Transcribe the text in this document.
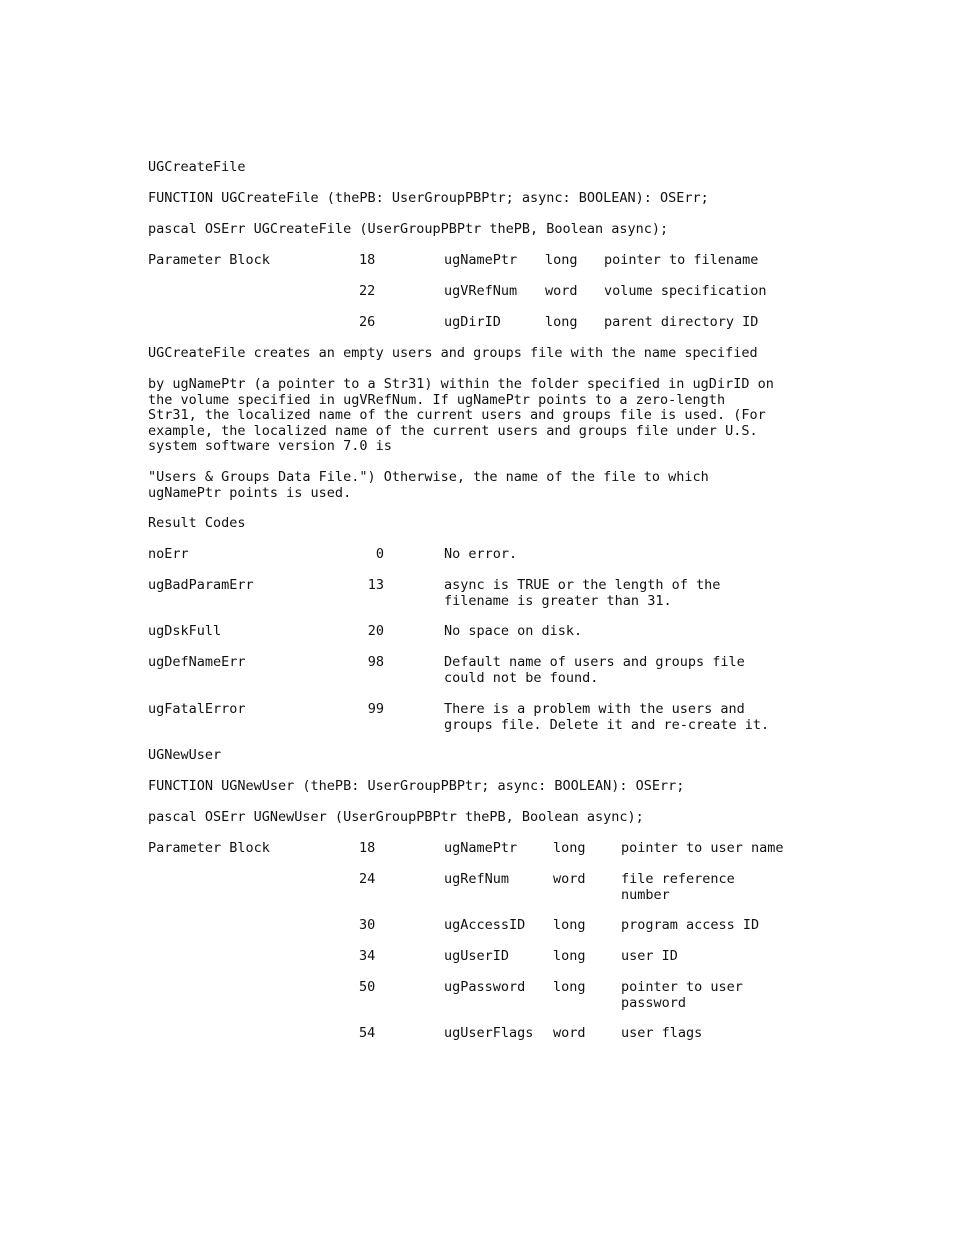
UGCreateFile
FUNCTION UGCreateFile (thePB: UserGroupPBPtr; async: BOOLEAN): OSErr;
pascal OSErr UGCreateFile (UserGroupPBPtr thePB, Boolean async);
Parameter Block	18	ugNamePtr long pointer to filename
22	ugVRefNum word volume specification
26	ugDirID	long parent directory ID
UGCreateFile creates an empty users and groups file with the name specified
by ugNamePtr (a pointer to a Str31) within the folder specified in ugDirID on
the volume specified in ugVRefNum. If ugNamePtr points to a zero-length
Str31, the localized name of the current users and groups file is used. (For
example, the localized name of the current users and groups file under U.S.
system software version 7.0 is
"Users & Groups Data File.") Otherwise, the name of the file to which
ugNamePtr points is used.
Result Codes
noErr	0	No error.
ugBadParamErr	13	async is TRUE or the length of the
filename is greater than 31.
ugDskFull	20	No space on disk.
ugDefNameErr	98	Default name of users and groups file
could not be found.
ugFatalError	99	There is a problem with the users and
groups file. Delete it and re-create it.
UGNewUser
FUNCTION UGNewUser (thePB: UserGroupPBPtr; async: BOOLEAN): OSErr;
pascal OSErr UGNewUser (UserGroupPBPtr thePB, Boolean async);
Parameter Block	18	ugNamePtr	long	pointer to user name
24	ugRefNum	word	file reference
number
30	ugAccessID long	program access ID
34	ugUserID	long	user ID
50	ugPassword long	pointer to user
password
54	ugUserFlags word	user flags
